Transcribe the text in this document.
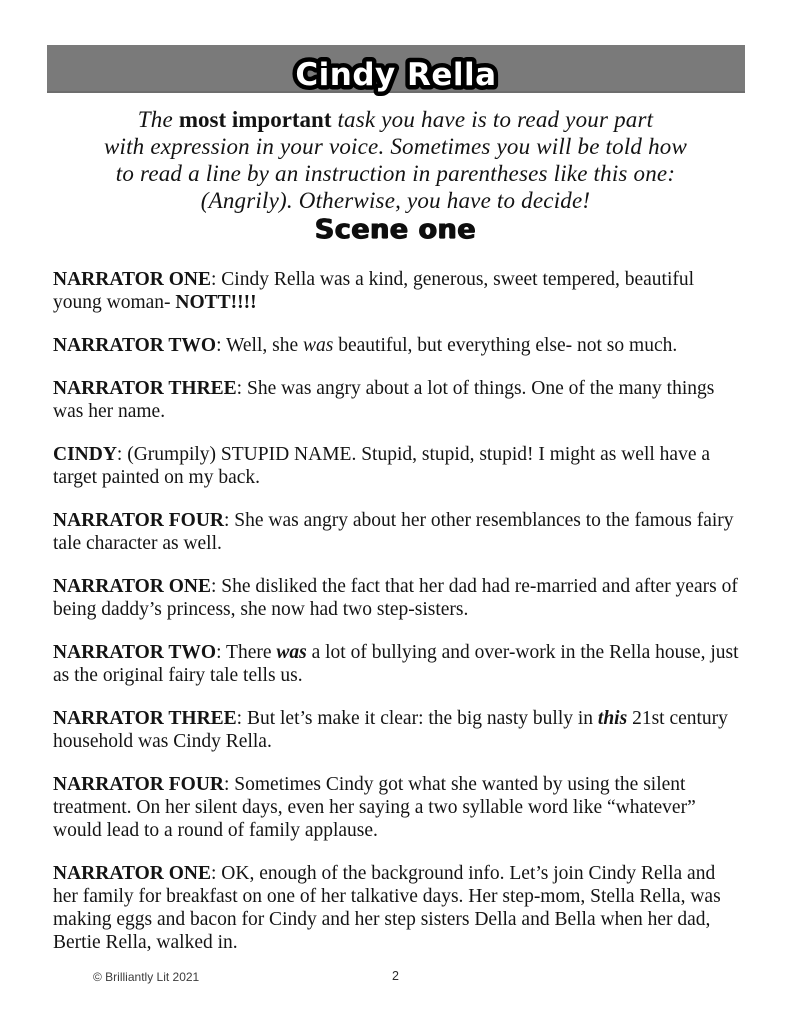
Cindy Rella
The most important task you have is to read your part
with expression in your voice. Sometimes you will be told how
to read a line by an instruction in parentheses like this one:
(Angrily). Otherwise, you have to decide!
Scene one

NARRATOR ONE: Cindy Rella was a kind, generous, sweet tempered, beautiful young woman- NOTT!!!!

NARRATOR TWO: Well, she was beautiful, but everything else- not so much.

NARRATOR THREE: She was angry about a lot of things. One of the many things was her name.

CINDY: (Grumpily) STUPID NAME. Stupid, stupid, stupid! I might as well have a target painted on my back.

NARRATOR FOUR: She was angry about her other resemblances to the famous fairy tale character as well.

NARRATOR ONE: She disliked the fact that her dad had re-married and after years of being daddy’s princess, she now had two step-sisters.

NARRATOR TWO: There was a lot of bullying and over-work in the Rella house, just as the original fairy tale tells us.

NARRATOR THREE: But let’s make it clear: the big nasty bully in this 21st century household was Cindy Rella.

NARRATOR FOUR: Sometimes Cindy got what she wanted by using the silent treatment. On her silent days, even her saying a two syllable word like “whatever” would lead to a round of family applause.

NARRATOR ONE: OK, enough of the background info. Let’s join Cindy Rella and her family for breakfast on one of her talkative days. Her step-mom, Stella Rella, was making eggs and bacon for Cindy and her step sisters Della and Bella when her dad, Bertie Rella, walked in.

© Brilliantly Lit 2021	2
